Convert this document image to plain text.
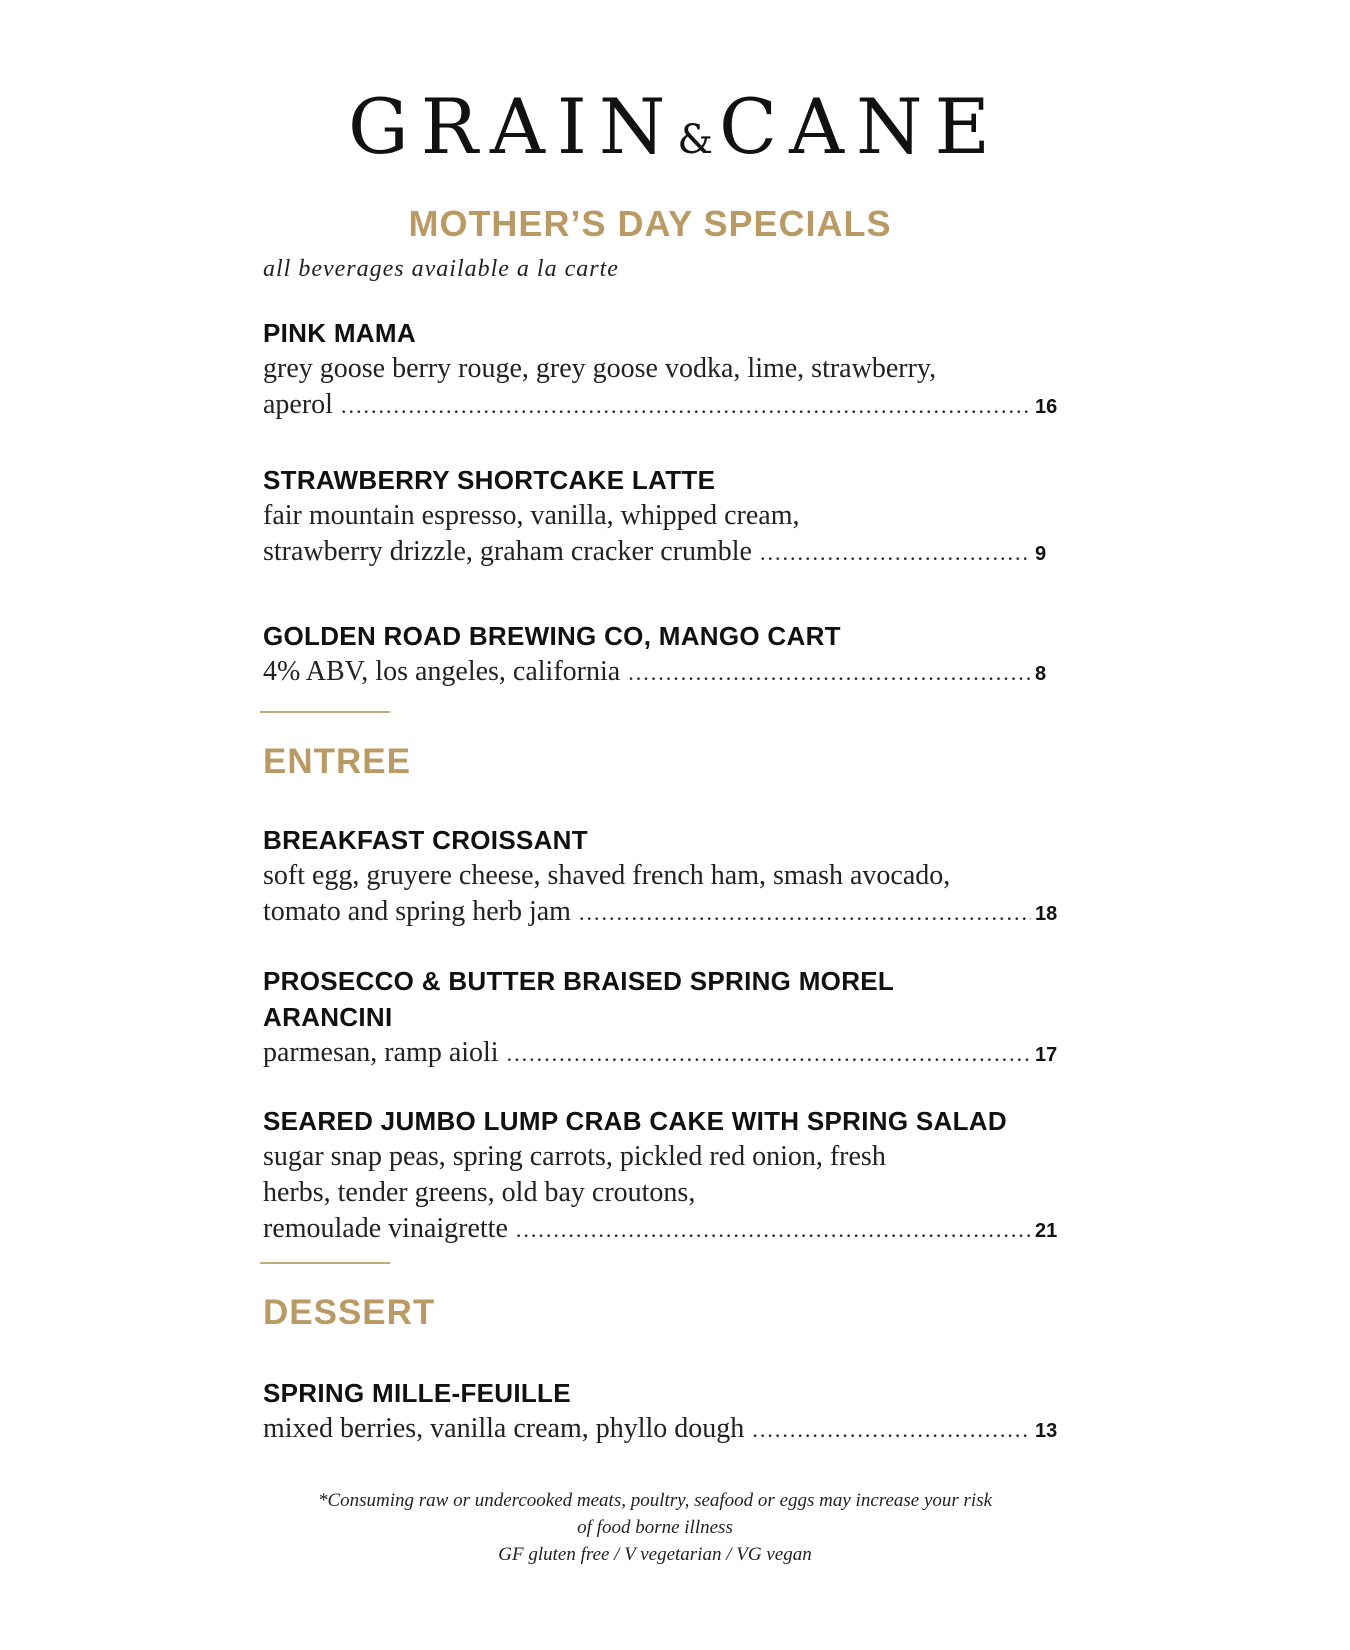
GRAIN&CANE
MOTHER’S DAY SPECIALS
all beverages available a la carte
PINK MAMA
grey goose berry rouge, grey goose vodka, lime, strawberry,
aperol .....	16
STRAWBERRY SHORTCAKE LATTE
fair mountain espresso, vanilla, whipped cream,
strawberry drizzle, graham cracker crumble .....	9
GOLDEN ROAD BREWING CO, MANGO CART
4% ABV, los angeles, california .....	8
ENTREE
BREAKFAST CROISSANT
soft egg, gruyere cheese, shaved french ham, smash avocado,
tomato and spring herb jam .....	18
PROSECCO & BUTTER BRAISED SPRING MOREL
ARANCINI
parmesan, ramp aioli .....	17
SEARED JUMBO LUMP CRAB CAKE WITH SPRING SALAD
sugar snap peas, spring carrots, pickled red onion, fresh
herbs, tender greens, old bay croutons,
remoulade vinaigrette .....	21
DESSERT
SPRING MILLE-FEUILLE
mixed berries, vanilla cream, phyllo dough .....	13
*Consuming raw or undercooked meats, poultry, seafood or eggs may increase your risk
of food borne illness
GF gluten free / V vegetarian / VG vegan
